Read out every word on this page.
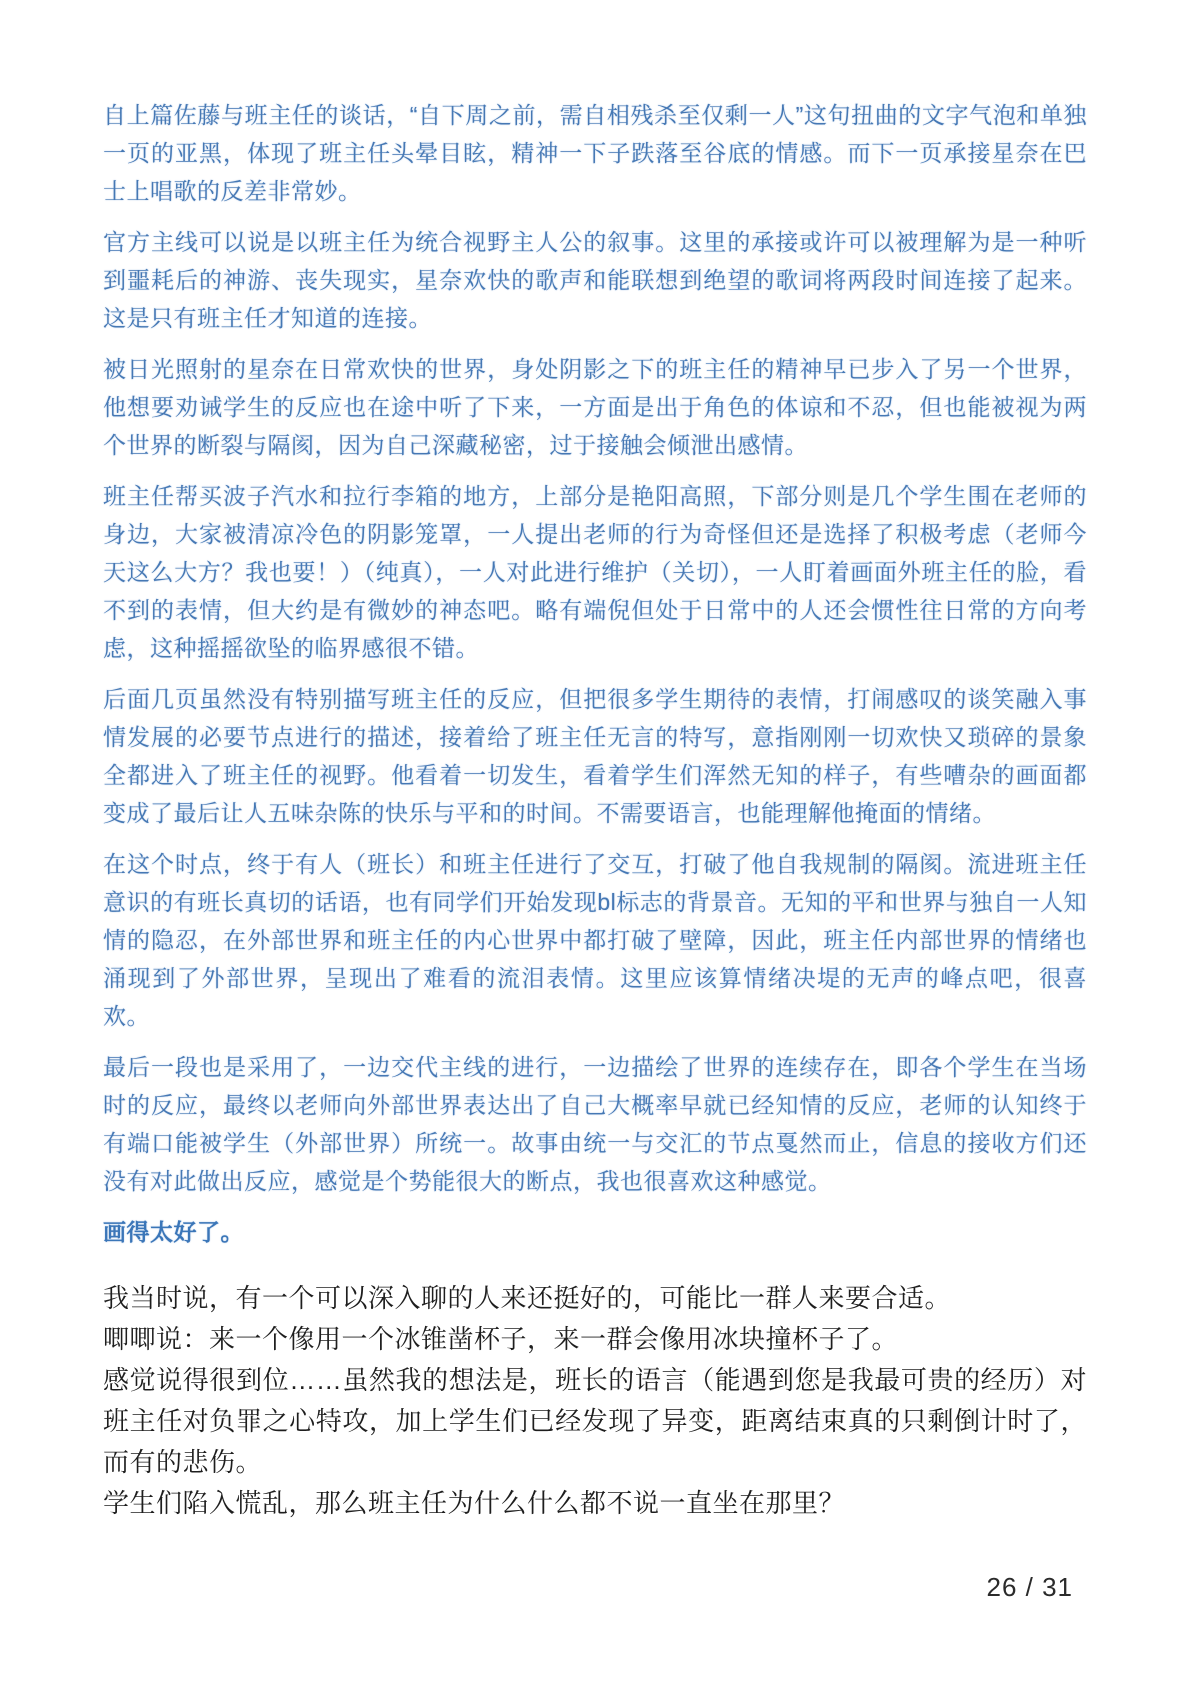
自上篇佐藤与班主任的谈话，“自下周之前，需自相残杀至仅剩一人”这句扭曲的文字气泡和单独一页的亚黑，体现了班主任头晕目眩，精神一下子跌落至谷底的情感。而下一页承接星奈在巴士上唱歌的反差非常妙。

官方主线可以说是以班主任为统合视野主人公的叙事。这里的承接或许可以被理解为是一种听到噩耗后的神游、丧失现实，星奈欢快的歌声和能联想到绝望的歌词将两段时间连接了起来。这是只有班主任才知道的连接。

被日光照射的星奈在日常欢快的世界，身处阴影之下的班主任的精神早已步入了另一个世界，他想要劝诫学生的反应也在途中听了下来，一方面是出于角色的体谅和不忍，但也能被视为两个世界的断裂与隔阂，因为自己深藏秘密，过于接触会倾泄出感情。

班主任帮买波子汽水和拉行李箱的地方，上部分是艳阳高照，下部分则是几个学生围在老师的身边，大家被清凉冷色的阴影笼罩，一人提出老师的行为奇怪但还是选择了积极考虑（老师今天这么大方？我也要！）（纯真），一人对此进行维护（关切），一人盯着画面外班主任的脸，看不到的表情，但大约是有微妙的神态吧。略有端倪但处于日常中的人还会惯性往日常的方向考虑，这种摇摇欲坠的临界感很不错。

后面几页虽然没有特别描写班主任的反应，但把很多学生期待的表情，打闹感叹的谈笑融入事情发展的必要节点进行的描述，接着给了班主任无言的特写，意指刚刚一切欢快又琐碎的景象全都进入了班主任的视野。他看着一切发生，看着学生们浑然无知的样子，有些嘈杂的画面都变成了最后让人五味杂陈的快乐与平和的时间。不需要语言，也能理解他掩面的情绪。

在这个时点，终于有人（班长）和班主任进行了交互，打破了他自我规制的隔阂。流进班主任意识的有班长真切的话语，也有同学们开始发现bl标志的背景音。无知的平和世界与独自一人知情的隐忍，在外部世界和班主任的内心世界中都打破了壁障，因此，班主任内部世界的情绪也涌现到了外部世界，呈现出了难看的流泪表情。这里应该算情绪决堤的无声的峰点吧，很喜欢。

最后一段也是采用了，一边交代主线的进行，一边描绘了世界的连续存在，即各个学生在当场时的反应，最终以老师向外部世界表达出了自己大概率早就已经知情的反应，老师的认知终于有端口能被学生（外部世界）所统一。故事由统一与交汇的节点戛然而止，信息的接收方们还没有对此做出反应，感觉是个势能很大的断点，我也很喜欢这种感觉。

画得太好了。

我当时说，有一个可以深入聊的人来还挺好的，可能比一群人来要合适。

唧唧说：来一个像用一个冰锥凿杯子，来一群会像用冰块撞杯子了。

感觉说得很到位……虽然我的想法是，班长的语言（能遇到您是我最可贵的经历）对班主任对负罪之心特攻，加上学生们已经发现了异变，距离结束真的只剩倒计时了，而有的悲伤。

学生们陷入慌乱，那么班主任为什么什么都不说一直坐在那里？

26 / 31
